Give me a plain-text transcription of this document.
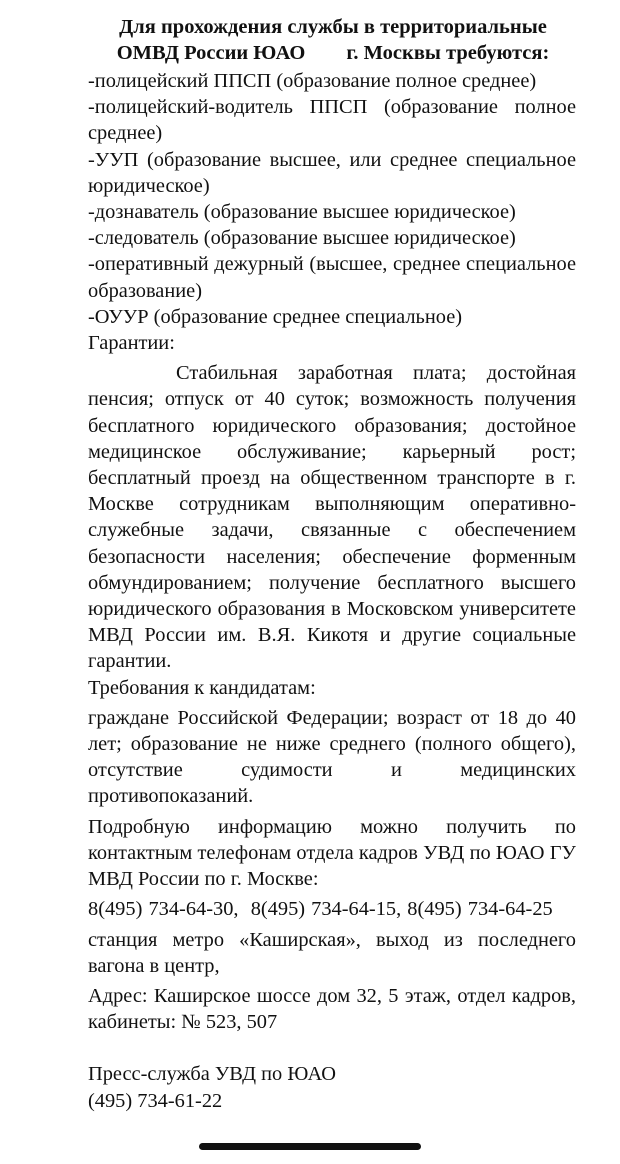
Для прохождения службы в территориальные
ОМВД России ЮАО        г. Москвы требуются:

-полицейский ППСП (образование полное среднее)

-полицейский-водитель ППСП (образование полное среднее)

-УУП (образование высшее, или среднее специальное юридическое)

-дознаватель (образование высшее юридическое)

-следователь (образование высшее юридическое)

-оперативный дежурный (высшее, среднее специальное образование)

-ОУУР (образование среднее специальное)

Гарантии:

Стабильная заработная плата; достойная пенсия; отпуск от 40 суток; возможность получения бесплатного юридического образования; достойное медицинское обслуживание; карьерный рост; бесплатный проезд на общественном транспорте в г. Москве сотрудникам выполняющим оперативно-служебные задачи, связанные с обеспечением безопасности населения; обеспечение форменным обмундированием; получение бесплатного высшего юридического образования в Московском университете МВД России им. В.Я. Кикотя и другие социальные гарантии.

Требования к кандидатам:

граждане Российской Федерации; возраст от 18 до 40 лет; образование не ниже среднего (полного общего), отсутствие судимости и медицинских противопоказаний.

Подробную информацию можно получить по контактным телефонам отдела кадров УВД по ЮАО ГУ МВД России по г. Москве:

8(495) 734-64-30,  8(495) 734-64-15, 8(495) 734-64-25

станция метро «Каширская», выход из последнего вагона в центр,

Адрес: Каширское шоссе дом 32, 5 этаж, отдел кадров, кабинеты: № 523, 507

Пресс-служба УВД по ЮАО

(495) 734-61-22
